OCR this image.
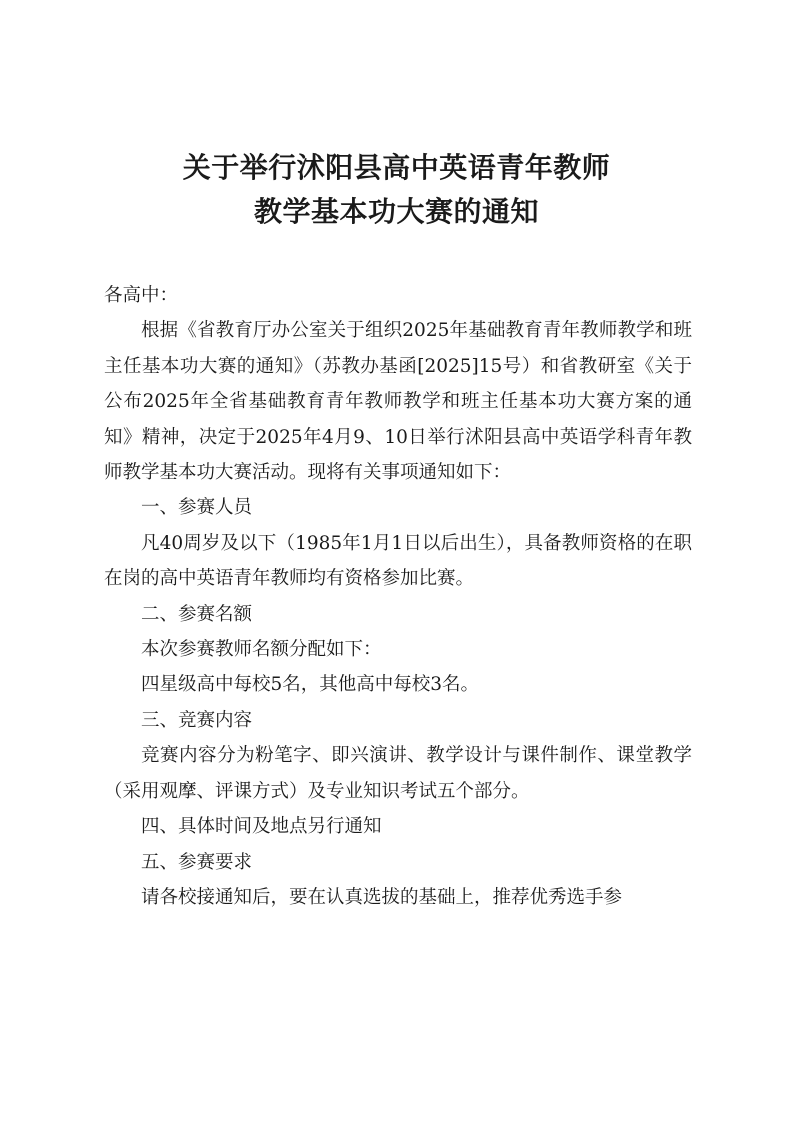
关于举行沭阳县高中英语青年教师
教学基本功大赛的通知

各高中：

根据《省教育厅办公室关于组织2025年基础教育青年教师教学和班主任基本功大赛的通知》（苏教办基函[2025]15号）和省教研室《关于公布2025年全省基础教育青年教师教学和班主任基本功大赛方案的通知》精神，决定于2025年4月9、10日举行沭阳县高中英语学科青年教师教学基本功大赛活动。现将有关事项通知如下：

一、参赛人员

凡40周岁及以下（1985年1月1日以后出生），具备教师资格的在职在岗的高中英语青年教师均有资格参加比赛。

二、参赛名额

本次参赛教师名额分配如下：

四星级高中每校5名，其他高中每校3名。

三、竞赛内容

竞赛内容分为粉笔字、即兴演讲、教学设计与课件制作、课堂教学（采用观摩、评课方式）及专业知识考试五个部分。

四、具体时间及地点另行通知

五、参赛要求

请各校接通知后，要在认真选拔的基础上，推荐优秀选手参
